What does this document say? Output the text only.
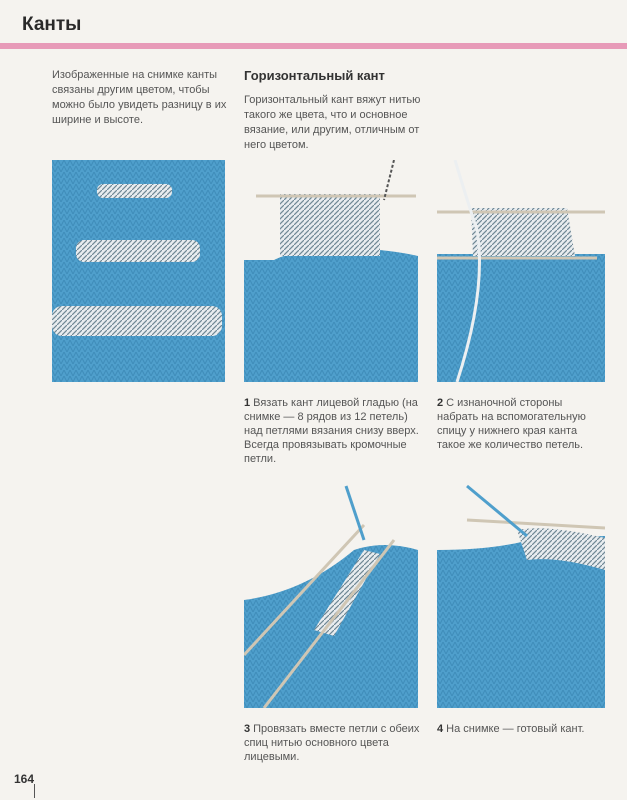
Канты
Изображенные на снимке канты связаны другим цветом, чтобы можно было увидеть разницу в их ширине и высоте.
Горизонтальный кант
Горизонтальный кант вяжут нитью такого же цвета, что и основное вязание, или другим, отличным от него цветом.
1 Вязать кант лицевой гладью (на снимке — 8 рядов из 12 петель) над петлями вязания снизу вверх. Всегда провязывать кромочные петли.
2 С изнаночной стороны набрать на вспомогательную спицу у нижнего края канта такое же количество петель.
3 Провязать вместе петли с обеих спиц нитью основного цвета лицевыми.
4 На снимке — готовый кант.
164
